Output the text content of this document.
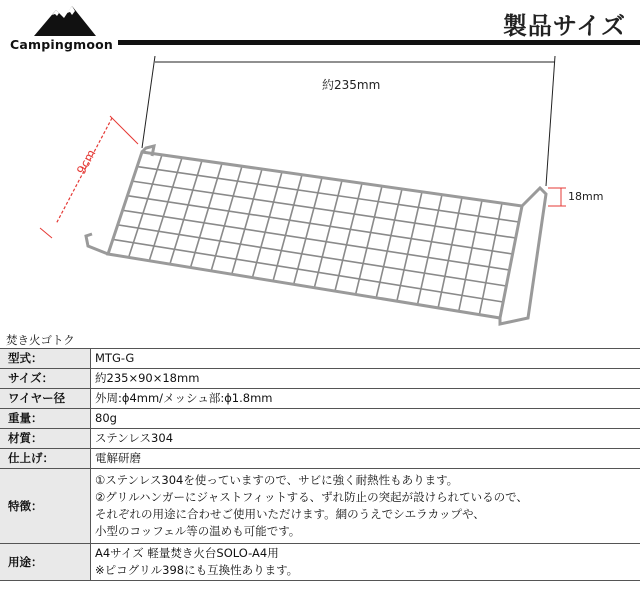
Campingmoon
製品サイズ
約235mm
9cm
18mm
焚き火ゴトク
型式：	MTG-G

サイズ：	約235×90×18mm

ワイヤー径	外周:ϕ4mm/メッシュ部:ϕ1.8mm

重量：	80g

材質：	ステンレス304

仕上げ：	電解研磨

特徴：	①ステンレス304を使っていますので、サビに強く耐熱性もあります。
②グリルハンガーにジャストフィットする、ずれ防止の突起が設けられているので、
それぞれの用途に合わせご使用いただけます。網のうえでシエラカップや、
小型のコッフェル等の温めも可能です。

用途：	A4サイズ 軽量焚き火台SOLO-A4用
※ピコグリル398にも互換性あります。
